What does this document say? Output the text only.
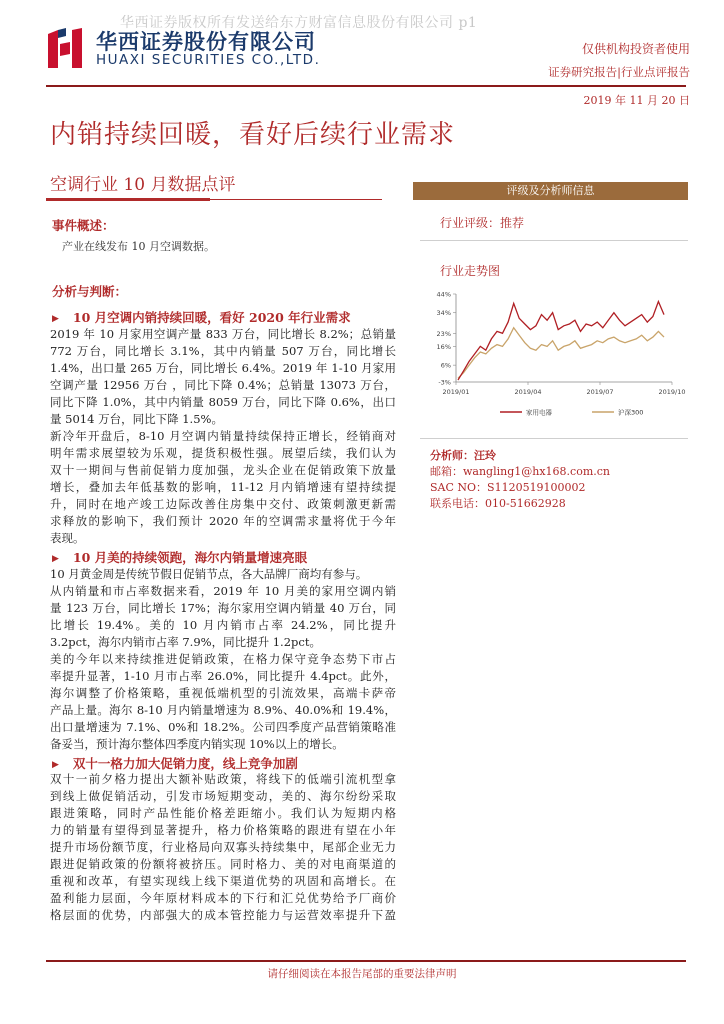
华西证券版权所有发送给东方财富信息股份有限公司 p1
华西证券股份有限公司
HUAXI SECURITIES CO.,LTD.
仅供机构投资者使用
证券研究报告|行业点评报告
2019 年 11 月 20 日
内销持续回暖，看好后续行业需求
空调行业 10 月数据点评
事件概述：
产业在线发布 10 月空调数据。
分析与判断：
▶ 10 月空调内销持续回暖，看好 2020 年行业需求
2019 年 10 月家用空调产量 833 万台，同比增长 8.2%；总销量
772 万台，同比增长 3.1%，其中内销量 507 万台，同比增长
1.4%，出口量 265 万台，同比增长 6.4%。2019 年 1-10 月家用
空调产量 12956 万台 ，同比下降 0.4%；总销量 13073 万台，
同比下降 1.0%，其中内销量 8059 万台，同比下降 0.6%，出口
量 5014 万台，同比下降 1.5%。
新冷年开盘后，8-10 月空调内销量持续保持正增长，经销商对
明年需求展望较为乐观，提货积极性强。展望后续，我们认为
双十一期间与售前促销力度加强，龙头企业在促销政策下放量
增长，叠加去年低基数的影响，11-12 月内销增速有望持续提
升，同时在地产竣工边际改善住房集中交付、政策刺激更新需
求释放的影响下，我们预计 2020 年的空调需求量将优于今年
表现。
▶ 10 月美的持续领跑，海尔内销量增速亮眼
10 月黄金周是传统节假日促销节点，各大品牌厂商均有参与。
从内销量和市占率数据来看，2019 年 10 月美的家用空调内销
量 123 万台，同比增长 17%；海尔家用空调内销量 40 万台，同
比增长 19.4%。美的 10 月内销市占率 24.2%，同比提升
3.2pct，海尔内销市占率 7.9%，同比提升 1.2pct。
美的今年以来持续推进促销政策，在格力保守竞争态势下市占
率提升显著，1-10 月市占率 26.0%，同比提升 4.4pct。此外，
海尔调整了价格策略，重视低端机型的引流效果，高端卡萨帝
产品上量。海尔 8-10 月内销量增速为 8.9%、40.0%和 19.4%，
出口量增速为 7.1%、0%和 18.2%。公司四季度产品营销策略准
备妥当，预计海尔整体四季度内销实现 10%以上的增长。
▶ 双十一格力加大促销力度，线上竞争加剧
双十一前夕格力提出大额补贴政策，将线下的低端引流机型拿
到线上做促销活动，引发市场短期变动，美的、海尔纷纷采取
跟进策略，同时产品性能价格差距缩小。我们认为短期内格
力的销量有望得到显著提升，格力价格策略的跟进有望在小年
提升市场份额节度，行业格局向双寡头持续集中，尾部企业无力
跟进促销政策的份额将被挤压。同时格力、美的对电商渠道的
重视和改革，有望实现线上线下渠道优势的巩固和高增长。在
盈利能力层面，今年原材料成本的下行和汇兑优势给予厂商价
格层面的优势，内部强大的成本管控能力与运营效率提升下盈
评级及分析师信息
行业评级：推荐
行业走势图
44%
34%
23%
16%
6%
-3%
2019/01	2019/04	2019/07	2019/10
家用电器	沪深300
分析师：汪玲
邮箱：wangling1@hx168.com.cn
SAC NO：S1120519100002
联系电话：010-51662928
请仔细阅读在本报告尾部的重要法律声明
